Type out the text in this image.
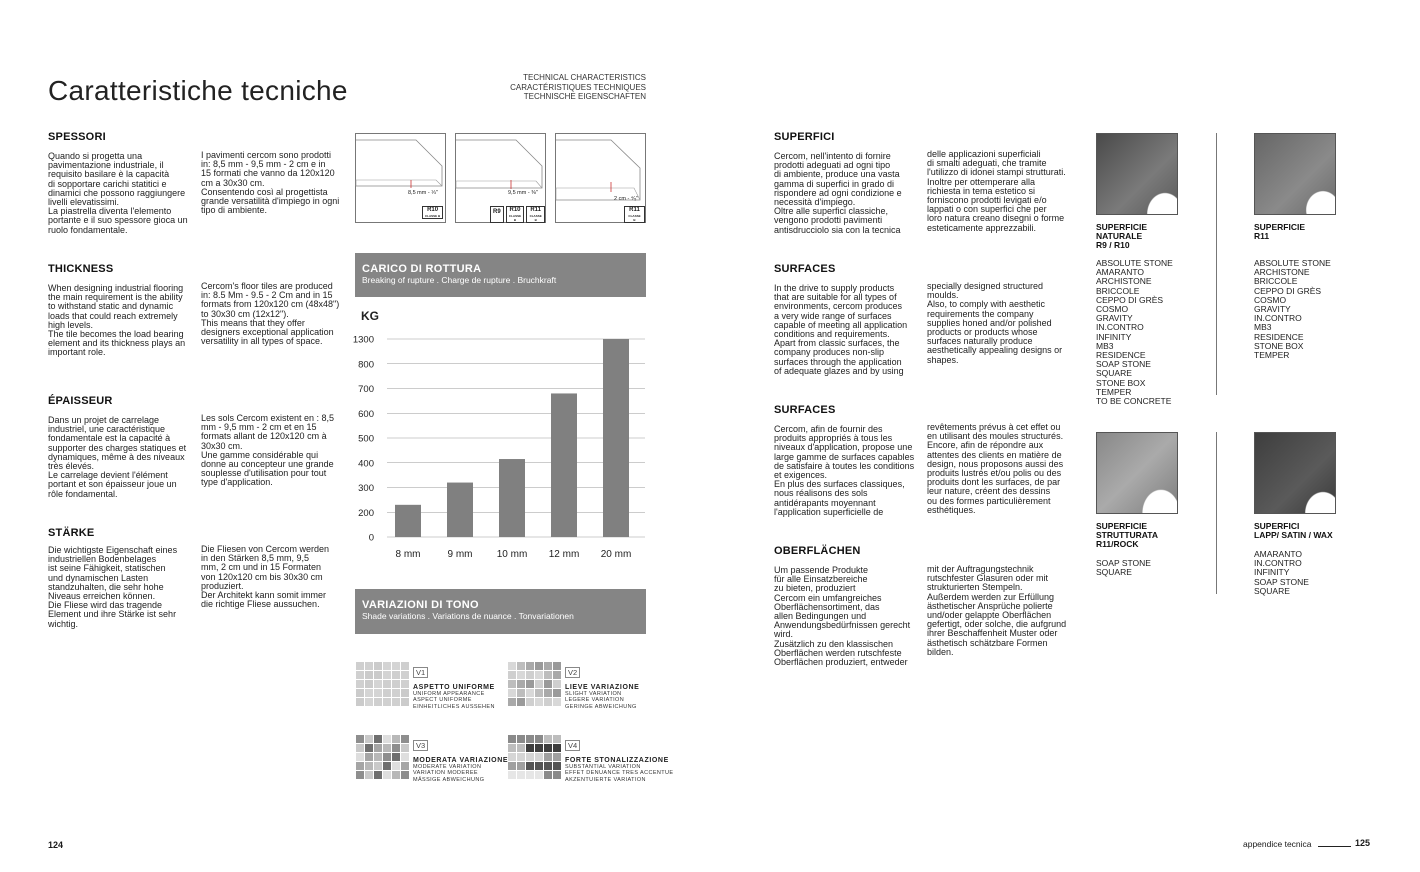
Caratteristiche tecniche	TECHNICAL CHARACTERISTICS
CARACTÉRISTIQUES TECHNIQUES
TECHNISCHE EIGENSCHAFTEN
SPESSORI
Quando si progetta una
pavimentazione industriale, il
requisito basilare è la capacità
di sopportare carichi statitici e
dinamici che possono raggiungere
livelli elevatissimi.
La piastrella diventa l'elemento
portante e il suo spessore gioca un
ruolo fondamentale.
I pavimenti cercom sono prodotti
in: 8,5 mm - 9,5 mm - 2 cm e in
15 formati che vanno da 120x120
cm a 30x30 cm.
Consentendo così al progettista
grande versatilità d'impiego in ogni
tipo di ambiente.
THICKNESS
When designing industrial flooring
the main requirement is the ability
to withstand static and dynamic
loads that could reach extremely
high levels.
The tile becomes the load bearing
element and its thickness plays an
important role.
Cercom's floor tiles are produced
in: 8.5 Mm - 9.5 - 2 Cm and in 15
formats from 120x120 cm (48x48")
to 30x30 cm (12x12").
This means that they offer
designers exceptional application
versatility in all types of space.
ÉPAISSEUR
Dans un projet de carrelage
industriel, une caractéristique
fondamentale est la capacité à
supporter des charges statiques et
dynamiques, même à des niveaux
très élevés.
Le carrelage devient l'élément
portant et son épaisseur joue un
rôle fondamental.
Les sols Cercom existent en : 8,5
mm - 9,5 mm - 2 cm et en 15
formats allant de 120x120 cm à
30x30 cm.
Une gamme considérable qui
donne au concepteur une grande
souplesse d'utilisation pour tout
type d'application.
STÄRKE
Die wichtigste Eigenschaft eines
industriellen Bodenbelages
ist seine Fähigkeit, statischen
und dynamischen Lasten
standzuhalten, die sehr hohe
Niveaus erreichen können.
Die Fliese wird das tragende
Element und ihre Stärke ist sehr
wichtig.
Die Fliesen von Cercom werden
in den Stärken 8,5 mm, 9,5
mm, 2 cm und in 15 Formaten
von 120x120 cm bis 30x30 cm
produziert.
Der Architekt kann somit immer
die richtige Fliese aussuchen.
8,5 mm - ⅓"
R10
CLASSE B
9,5 mm - ⅜"
R9	R10
CLASSE B
R11
CLASSE B
2 cm - ⁴⁄₅"
R11
CLASSE B
CARICO DI ROTTURA
Breaking of rupture . Charge de rupture . Bruchkraft
KG
0
200
300
400
500
600
700
800
1300
8 mm	9 mm 10 mm 12 mm 20 mm
VARIAZIONI DI TONO
Shade variations . Variations de nuance . Tonvariationen
V1
ASPETTO UNIFORME
UNIFORM APPEARANCE
ASPECT UNIFORME
EINHEITLICHES AUSSEHEN
V2
LIEVE VARIAZIONE
SLIGHT VARIATION
LEGERE VARIATION
GERINGE ABWEICHUNG
V3
MODERATA VARIAZIONE
MODERATE VARIATION
VARIATION MODEREE
MÄSSIGE ABWEICHUNG
V4
FORTE STONALIZZAZIONE
SUBSTANTIAL VARIATION
EFFET DENUANCE TRES ACCENTUE
AKZENTUIERTE VARIATION
124
SUPERFICI
Cercom, nell'intento di fornire
prodotti adeguati ad ogni tipo
di ambiente, produce una vasta
gamma di superfici in grado di
rispondere ad ogni condizione e
necessità d'impiego.
Oltre alle superfici classiche,
vengono prodotti pavimenti
antisdrucciolo sia con la tecnica
delle applicazioni superficiali
di smalti adeguati, che tramite
l'utilizzo di idonei stampi strutturati.
Inoltre per ottemperare alla
richiesta in tema estetico si
forniscono prodotti levigati e/o
lappati o con superfici che per
loro natura creano disegni o forme
esteticamente apprezzabili.
SURFACES
In the drive to supply products
that are suitable for all types of
environments, cercom produces
a very wide range of surfaces
capable of meeting all application
conditions and requirements.
Apart from classic surfaces, the
company produces non-slip
surfaces through the application
of adequate glazes and by using
specially designed structured
moulds.
Also, to comply with aesthetic
requirements the company
supplies honed and/or polished
products or products whose
surfaces naturally produce
aesthetically appealing designs or
shapes.
SURFACES
Cercom, afin de fournir des
produits appropriés à tous les
niveaux d'application, propose une
large gamme de surfaces capables
de satisfaire à toutes les conditions
et exigences.
En plus des surfaces classiques,
nous réalisons des sols
antidérapants moyennant
l'application superficielle de
revêtements prévus à cet effet ou
en utilisant des moules structurés.
Encore, afin de répondre aux
attentes des clients en matière de
design, nous proposons aussi des
produits lustrés et/ou polis ou des
produits dont les surfaces, de par
leur nature, créent des dessins
ou des formes particulièrement
esthétiques.
OBERFLÄCHEN
Um passende Produkte
für alle Einsatzbereiche
zu bieten, produziert
Cercom ein umfangreiches
Oberflächensortiment, das
allen Bedingungen und
Anwendungsbedürfnissen gerecht
wird.
Zusätzlich zu den klassischen
Oberflächen werden rutschfeste
Oberflächen produziert, entweder
mit der Auftragungstechnik
rutschfester Glasuren oder mit
strukturierten Stempeln.
Außerdem werden zur Erfüllung
ästhetischer Ansprüche polierte
und/oder gelappte Oberflächen
gefertigt, oder solche, die aufgrund
ihrer Beschaffenheit Muster oder
ästhetisch schätzbare Formen
bilden.
SUPERFICIE
NATURALE
R9 / R10
ABSOLUTE STONE
AMARANTO
ARCHISTONE
BRICCOLE
CEPPO DI GRÈS
COSMO
GRAVITY
IN.CONTRO
INFINITY
MB3
RESIDENCE
SOAP STONE
SQUARE
STONE BOX
TEMPER
TO BE CONCRETE
SUPERFICIE
R11
ABSOLUTE STONE
ARCHISTONE
BRICCOLE
CEPPO DI GRÈS
COSMO
GRAVITY
IN.CONTRO
MB3
RESIDENCE
STONE BOX
TEMPER
SUPERFICIE
STRUTTURATA
R11/ROCK
SOAP STONE
SQUARE
SUPERFICI
LAPP/ SATIN / WAX
AMARANTO
IN.CONTRO
INFINITY
SOAP STONE
SQUARE
appendice tecnica	125
